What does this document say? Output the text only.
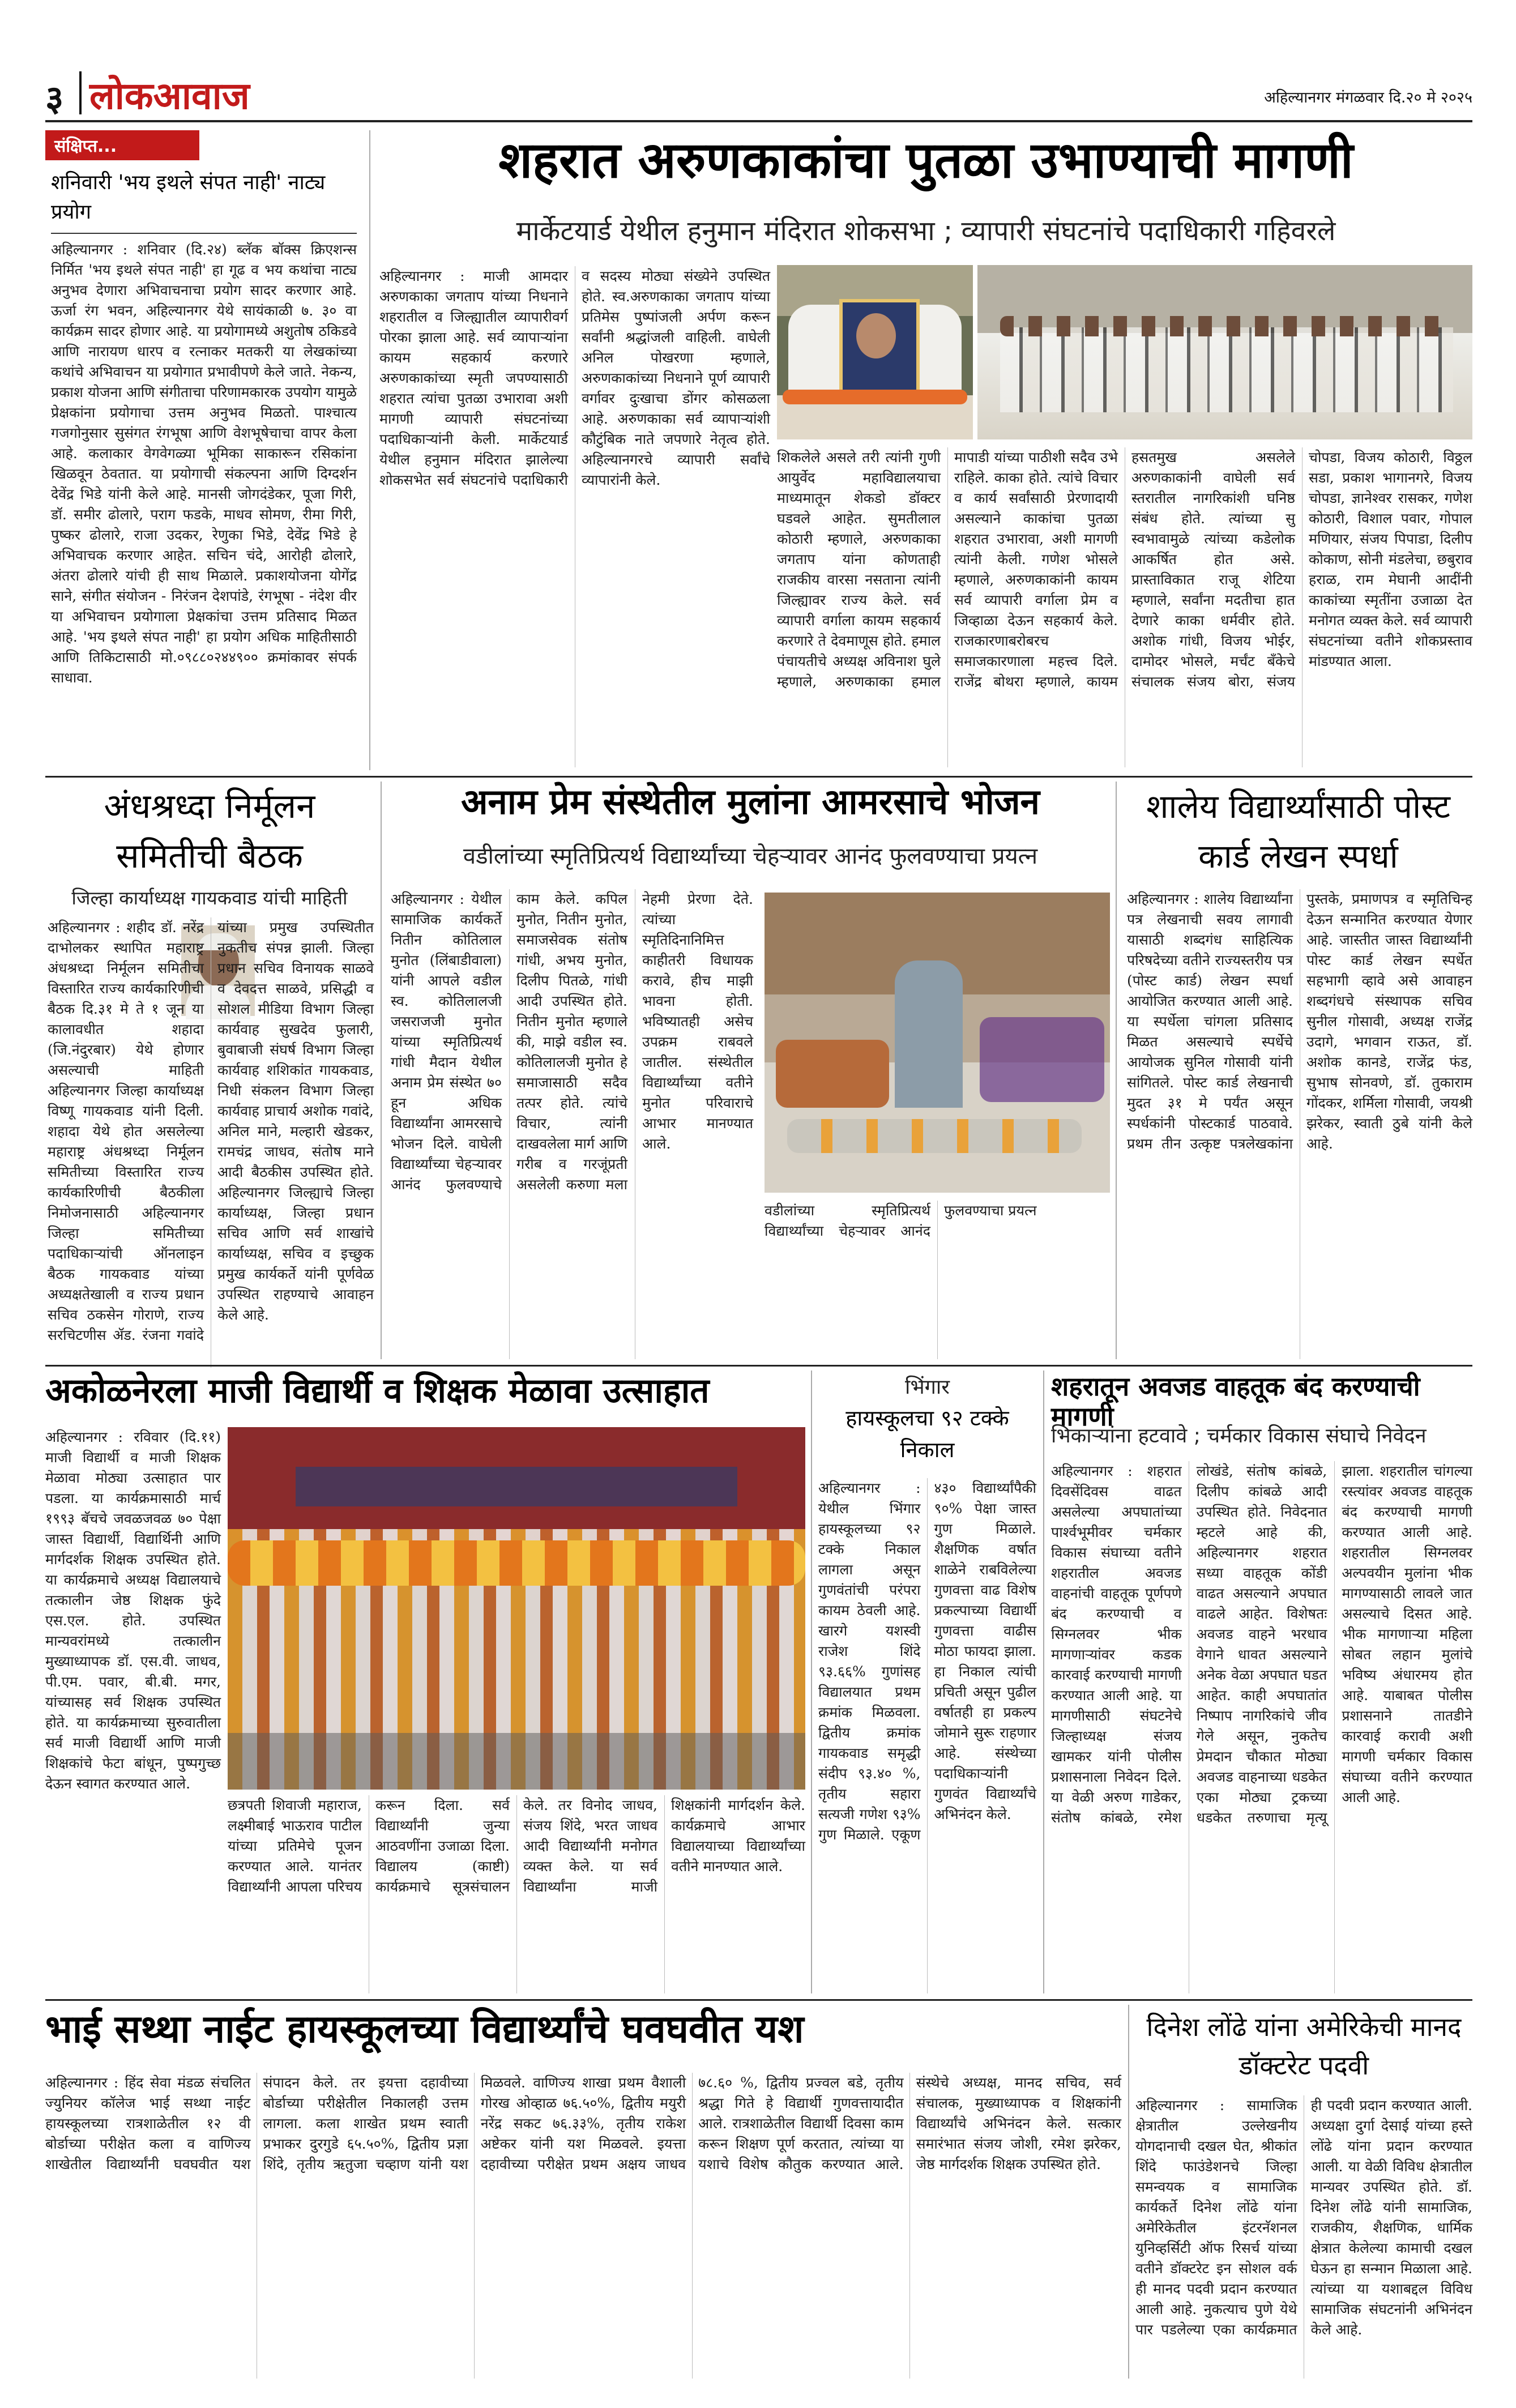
३ लोकआवाज	अहिल्यानगर मंगळवार दि.२० मे २०२५
संक्षिप्त...
शनिवारी 'भय इथले संपत नाही' नाट्य प्रयोग
अहिल्यानगर : शनिवार (दि.२४) ब्लॅक बॉक्स क्रिएशन्स निर्मित 'भय इथले संपत नाही' हा गूढ व भय कथांचा नाट्य अनुभव देणारा अभिवाचनाचा प्रयोग सादर करणार आहे. ऊर्जा रंग भवन, अहिल्यानगर येथे सायंकाळी ७. ३० वा कार्यक्रम सादर होणार आहे. या प्रयोगामध्ये अशुतोष ठकिडवे आणि नारायण धारप व रत्नाकर मतकरी या लेखकांच्या कथांचे अभिवाचन या प्रयोगात प्रभावीपणे केले जाते. नेकन्य, प्रकाश योजना आणि संगीताचा परिणामकारक उपयोग यामुळे प्रेक्षकांना प्रयोगाचा उत्तम अनुभव मिळतो. पाश्चात्य गजगोनुसार सुसंगत रंगभूषा आणि वेशभूषेचाचा वापर केला आहे. कलाकार वेगवेगळ्या भूमिका साकारून रसिकांना खिळवून ठेवतात. या प्रयोगाची संकल्पना आणि दिग्दर्शन देवेंद्र भिडे यांनी केले आहे. मानसी जोगदंडेकर, पूजा गिरी, डॉ. समीर ढोलारे, पराग फडके, माधव सोमण, रीमा गिरी, पुष्कर ढोलारे, राजा उदकर, रेणुका भिडे, देवेंद्र भिडे हे अभिवाचक करणार आहेत. सचिन चंदे, आरोही ढोलारे, अंतरा ढोलारे यांची ही साथ मिळाले. प्रकाशयोजना योगेंद्र साने, संगीत संयोजन - निरंजन देशपांडे, रंगभूषा - नंदेश वीर या अभिवाचन प्रयोगाला प्रेक्षकांचा उत्तम प्रतिसाद मिळत आहे. 'भय इथले संपत नाही' हा प्रयोग अधिक माहितीसाठी आणि तिकिटासाठी मो.०९८८०२४४९०० क्रमांकावर संपर्क साधावा.
शहरात अरुणकाकांचा पुतळा उभाण्याची मागणी
मार्केटयार्ड येथील हनुमान मंदिरात शोकसभा ; व्यापारी संघटनांचे पदाधिकारी गहिवरले
अहिल्यानगर : माजी आमदार अरुणकाका जगताप यांच्या निधनाने शहरातील व जिल्ह्यातील व्यापारीवर्ग पोरका झाला आहे. सर्व व्यापाऱ्यांना कायम सहकार्य करणारे अरुणकाकांच्या स्मृती जपण्यासाठी शहरात त्यांचा पुतळा उभारावा अशी मागणी व्यापारी संघटनांच्या पदाधिकाऱ्यांनी केली. मार्केटयार्ड येथील हनुमान मंदिरात झालेल्या शोकसभेत सर्व संघटनांचे पदाधिकारी व सदस्य मोठ्या संख्येने उपस्थित होते. स्व.अरुणकाका जगताप यांच्या प्रतिमेस पुष्पांजली अर्पण करून सर्वांनी श्रद्धांजली वाहिली. वाघेली अनिल पोखरणा म्हणाले, अरुणकाकांच्या निधनाने पूर्ण व्यापारी वर्गावर दुःखाचा डोंगर कोसळला आहे. अरुणकाका सर्व व्यापाऱ्यांशी कौटुंबिक नाते जपणारे नेतृत्व होते. अहिल्यानगरचे व्यापारी सर्वांचे व्यापारांनी केले.
शिकलेले असले तरी त्यांनी गुणी आयुर्वेद महाविद्यालयाचा माध्यमातून शेकडो डॉक्टर घडवले आहेत. सुमतीलाल कोठारी म्हणाले, अरुणकाका जगताप यांना कोणताही राजकीय वारसा नसताना त्यांनी जिल्ह्यावर राज्य केले. सर्व व्यापारी वर्गाला कायम सहकार्य करणारे ते देवमाणूस होते. हमाल पंचायतीचे अध्यक्ष अविनाश घुले म्हणाले, अरुणकाका हमाल मापाडी यांच्या पाठीशी सदैव उभे राहिले. काका होते. त्यांचे विचार व कार्य सर्वांसाठी प्रेरणादायी असल्याने काकांचा पुतळा शहरात उभारावा, अशी मागणी त्यांनी केली. गणेश भोसले म्हणाले, अरुणकाकांनी कायम सर्व व्यापारी वर्गाला प्रेम व जिव्हाळा देऊन सहकार्य केले. राजकारणाबरोबरच समाजकारणाला महत्त्व दिले. राजेंद्र बोथरा म्हणाले, कायम हसतमुख असलेले अरुणकाकांनी वाघेली सर्व स्तरातील नागरिकांशी घनिष्ठ संबंध होते. त्यांच्या सु स्वभावामुळे त्यांच्या कडेलोक आकर्षित होत असे. प्रास्ताविकात राजू शेटिया म्हणाले, सर्वांना मदतीचा हात देणारे काका धर्मवीर होते. अशोक गांधी, विजय भोईर, दामोदर भोसले, मर्चंट बँकेचे संचालक संजय बोरा, संजय चोपडा, विजय कोठारी, विठ्ठल सडा, प्रकाश भागानगरे, विजय चोपडा, ज्ञानेश्वर रासकर, गणेश कोठारी, विशाल पवार, गोपाल मणियार, संजय पिपाडा, दिलीप कोकाण, सोनी मंडलेचा, छबुराव हराळ, राम मेघानी आदींनी काकांच्या स्मृतींना उजाळा देत मनोगत व्यक्त केले. सर्व व्यापारी संघटनांच्या वतीने शोकप्रस्ताव मांडण्यात आला.
अंधश्रध्दा निर्मूलन समितीची बैठक
जिल्हा कार्याध्यक्ष गायकवाड यांची माहिती
अहिल्यानगर : शहीद डॉ. नरेंद्र दाभोलकर स्थापित महाराष्ट्र अंधश्रध्दा निर्मूलन समितीचा विस्तारित राज्य कार्यकारिणीची बैठक दि.३१ मे ते १ जून या कालावधीत शहादा (जि.नंदुरबार) येथे होणार असल्याची माहिती अहिल्यानगर जिल्हा कार्याध्यक्ष विष्णू गायकवाड यांनी दिली. शहादा येथे होत असलेल्या महाराष्ट्र अंधश्रध्दा निर्मूलन समितीच्या विस्तारित राज्य कार्यकारिणीची बैठकीला निमोजनासाठी अहिल्यानगर जिल्हा समितीच्या पदाधिकाऱ्यांची ऑनलाइन बैठक गायकवाड यांच्या अध्यक्षतेखाली व राज्य प्रधान सचिव ठकसेन गोराणे, राज्य सरचिटणीस ॲड. रंजना गवांदे यांच्या प्रमुख उपस्थितीत नुकतीच संपन्न झाली. जिल्हा प्रधान सचिव विनायक साळवे व देवदत्त साळवे, प्रसिद्धी व सोशल मीडिया विभाग जिल्हा कार्यवाह सुखदेव फुलारी, बुवाबाजी संघर्ष विभाग जिल्हा कार्यवाह शशिकांत गायकवाड, निधी संकलन विभाग जिल्हा कार्यवाह प्राचार्य अशोक गवांदे, अनिल माने, मल्हारी खेडकर, रामचंद्र जाधव, संतोष माने आदी बैठकीस उपस्थित होते. अहिल्यानगर जिल्ह्याचे जिल्हा कार्याध्यक्ष, जिल्हा प्रधान सचिव आणि सर्व शाखांचे कार्याध्यक्ष, सचिव व इच्छुक प्रमुख कार्यकर्ते यांनी पूर्णवेळ उपस्थित राहण्याचे आवाहन केले आहे.
अनाम प्रेम संस्थेतील मुलांना आमरसाचे भोजन
वडीलांच्या स्मृतिप्रित्यर्थ विद्यार्थ्यांच्या चेहऱ्यावर आनंद फुलवण्याचा प्रयत्न
अहिल्यानगर : येथील सामाजिक कार्यकर्ते नितीन कोतिलाल मुनोत (लिंबाडीवाला) यांनी आपले वडील स्व. कोतिलालजी जसराजजी मुनोत यांच्या स्मृतिप्रित्यर्थ गांधी मैदान येथील अनाम प्रेम संस्थेत ७० हून अधिक विद्यार्थ्यांना आमरसाचे भोजन दिले. वाघेली विद्यार्थ्यांच्या चेहऱ्यावर आनंद फुलवण्याचे काम केले. कपिल मुनोत, नितीन मुनोत, समाजसेवक संतोष गांधी, अभय मुनोत, दिलीप पितळे, गांधी आदी उपस्थित होते. नितीन मुनोत म्हणाले की, माझे वडील स्व. कोतिलालजी मुनोत हे समाजासाठी सदैव तत्पर होते. त्यांचे विचार, त्यांनी दाखवलेला मार्ग आणि गरीब व गरजूंप्रती असलेली करुणा मला नेहमी प्रेरणा देते. त्यांच्या स्मृतिदिनानिमित्त काहीतरी विधायक करावे, हीच माझी भावना होती. भविष्यातही असेच उपक्रम राबवले जातील. संस्थेतील विद्यार्थ्यांच्या वतीने मुनोत परिवाराचे आभार मानण्यात आले.
वडीलांच्या स्मृतिप्रित्यर्थ विद्यार्थ्यांच्या चेहऱ्यावर आनंद फुलवण्याचा प्रयत्न
शालेय विद्यार्थ्यांसाठी पोस्ट कार्ड लेखन स्पर्धा
अहिल्यानगर : शालेय विद्यार्थ्यांना पत्र लेखनाची सवय लागावी यासाठी शब्दगंध साहित्यिक परिषदेच्या वतीने राज्यस्तरीय पत्र (पोस्ट कार्ड) लेखन स्पर्धा आयोजित करण्यात आली आहे. या स्पर्धेला चांगला प्रतिसाद मिळत असल्याचे स्पर्धेचे आयोजक सुनिल गोसावी यांनी सांगितले. पोस्ट कार्ड लेखनाची मुदत ३१ मे पर्यंत असून स्पर्धकांनी पोस्टकार्ड पाठवावे. प्रथम तीन उत्कृष्ट पत्रलेखकांना पुस्तके, प्रमाणपत्र व स्मृतिचिन्ह देऊन सन्मानित करण्यात येणार आहे. जास्तीत जास्त विद्यार्थ्यांनी पोस्ट कार्ड लेखन स्पर्धेत सहभागी व्हावे असे आवाहन शब्दगंधचे संस्थापक सचिव सुनील गोसावी, अध्यक्ष राजेंद्र उदागे, भगवान राऊत, डॉ. अशोक कानडे, राजेंद्र फंड, सुभाष सोनवणे, डॉ. तुकाराम गोंदकर, शर्मिला गोसावी, जयश्री झरेकर, स्वाती ठुबे यांनी केले आहे.
अकोळनेरला माजी विद्यार्थी व शिक्षक मेळावा उत्साहात
अहिल्यानगर : रविवार (दि.११) माजी विद्यार्थी व माजी शिक्षक मेळावा मोठ्या उत्साहात पार पडला. या कार्यक्रमासाठी मार्च १९९३ बॅचचे जवळजवळ ७० पेक्षा जास्त विद्यार्थी, विद्यार्थिनी आणि मार्गदर्शक शिक्षक उपस्थित होते. या कार्यक्रमाचे अध्यक्ष विद्यालयाचे तत्कालीन जेष्ठ शिक्षक फुंदे एस.एल. होते. उपस्थित मान्यवरांमध्ये तत्कालीन मुख्याध्यापक डॉ. एस.वी. जाधव, पी.एम. पवार, बी.बी. मगर, यांच्यासह सर्व शिक्षक उपस्थित होते. या कार्यक्रमाच्या सुरुवातीला सर्व माजी विद्यार्थी आणि माजी शिक्षकांचे फेटा बांधून, पुष्पगुच्छ देऊन स्वागत करण्यात आले.
छत्रपती शिवाजी महाराज, लक्ष्मीबाई भाऊराव पाटील यांच्या प्रतिमेचे पूजन करण्यात आले. यानंतर विद्यार्थ्यांनी आपला परिचय करून दिला. सर्व विद्यार्थ्यांनी जुन्या आठवणींना उजाळा दिला. विद्यालय (काष्टी) कार्यक्रमाचे सूत्रसंचालन केले. तर विनोद जाधव, संजय शिंदे, भरत जाधव आदी विद्यार्थ्यांनी मनोगत व्यक्त केले. या सर्व विद्यार्थ्यांना माजी शिक्षकांनी मार्गदर्शन केले. कार्यक्रमाचे आभार विद्यालयाच्या विद्यार्थ्यांच्या वतीने मानण्यात आले.
भिंगार
हायस्कूलचा ९२ टक्के निकाल
अहिल्यानगर : येथील भिंगार हायस्कूलच्या ९२ टक्के निकाल लागला असून गुणवंतांची परंपरा कायम ठेवली आहे. खारगे यशस्वी राजेश शिंदे ९३.६६% गुणांसह विद्यालयात प्रथम क्रमांक मिळवला. द्वितीय क्रमांक गायकवाड समृद्धी संदीप ९३.४० %, तृतीय सहारा सत्यजी गणेश ९३% गुण मिळाले. एकूण ४३० विद्यार्थ्यांपैकी ९०% पेक्षा जास्त गुण मिळाले. शैक्षणिक वर्षात शाळेने राबविलेल्या गुणवत्ता वाढ विशेष प्रकल्पाच्या विद्यार्थी गुणवत्ता वाढीस मोठा फायदा झाला. हा निकाल त्यांची प्रचिती असून पुढील वर्षातही हा प्रकल्प जोमाने सुरू राहणार आहे. संस्थेच्या पदाधिकाऱ्यांनी गुणवंत विद्यार्थ्यांचे अभिनंदन केले.
शहरातून अवजड वाहतूक बंद करण्याची मागणी
भिकाऱ्यांना हटवावे ; चर्मकार विकास संघाचे निवेदन
अहिल्यानगर : शहरात दिवसेंदिवस वाढत असलेल्या अपघातांच्या पार्श्वभूमीवर चर्मकार विकास संघाच्या वतीने शहरातील अवजड वाहनांची वाहतूक पूर्णपणे बंद करण्याची व सिग्नलवर भीक मागणाऱ्यांवर कडक कारवाई करण्याची मागणी करण्यात आली आहे. या मागणीसाठी संघटनेचे जिल्हाध्यक्ष संजय खामकर यांनी पोलीस प्रशासनाला निवेदन दिले. या वेळी अरुण गाडेकर, संतोष कांबळे, रमेश लोखंडे, संतोष कांबळे, दिलीप कांबळे आदी उपस्थित होते. निवेदनात म्हटले आहे की, अहिल्यानगर शहरात सध्या वाहतूक कोंडी वाढत असल्याने अपघात वाढले आहेत. विशेषतः अवजड वाहने भरधाव वेगाने धावत असल्याने अनेक वेळा अपघात घडत आहेत. काही अपघातांत निष्पाप नागरिकांचे जीव गेले असून, नुकतेच प्रेमदान चौकात मोठ्या अवजड वाहनाच्या धडकेत एका मोठ्या ट्रकच्या धडकेत तरुणाचा मृत्यू झाला. शहरातील चांगल्या रस्त्यांवर अवजड वाहतूक बंद करण्याची मागणी करण्यात आली आहे. शहरातील सिग्नलवर अल्पवयीन मुलांना भीक मागण्यासाठी लावले जात असल्याचे दिसत आहे. भीक मागणाऱ्या महिला सोबत लहान मुलांचे भविष्य अंधारमय होत आहे. याबाबत पोलीस प्रशासनाने तातडीने कारवाई करावी अशी मागणी चर्मकार विकास संघाच्या वतीने करण्यात आली आहे.
भाई सथ्था नाईट हायस्कूलच्या विद्यार्थ्यांचे घवघवीत यश
अहिल्यानगर : हिंद सेवा मंडळ संचलित ज्युनियर कॉलेज भाई सथ्था नाईट हायस्कूलच्या रात्रशाळेतील १२ वी बोर्डाच्या परीक्षेत कला व वाणिज्य शाखेतील विद्यार्थ्यांनी घवघवीत यश संपादन केले. तर इयत्ता दहावीच्या बोर्डाच्या परीक्षेतील निकालही उत्तम लागला. कला शाखेत प्रथम स्वाती प्रभाकर दुरगुडे ६५.५०%, द्वितीय प्रज्ञा शिंदे, तृतीय ऋतुजा चव्हाण यांनी यश मिळवले. वाणिज्य शाखा प्रथम वैशाली गोरख ओव्हाळ ७६.५०%, द्वितीय मयुरी नरेंद्र सकट ७६.३३%, तृतीय राकेश अष्टेकर यांनी यश मिळवले. इयत्ता दहावीच्या परीक्षेत प्रथम अक्षय जाधव ७८.६० %, द्वितीय प्रज्वल बडे, तृतीय श्रद्धा गिते हे विद्यार्थी गुणवत्तायादीत आले. रात्रशाळेतील विद्यार्थी दिवसा काम करून शिक्षण पूर्ण करतात, त्यांच्या या यशाचे विशेष कौतुक करण्यात आले. संस्थेचे अध्यक्ष, मानद सचिव, सर्व संचालक, मुख्याध्यापक व शिक्षकांनी विद्यार्थ्यांचे अभिनंदन केले. सत्कार समारंभात संजय जोशी, रमेश झरेकर, जेष्ठ मार्गदर्शक शिक्षक उपस्थित होते.
दिनेश लोंढे यांना अमेरिकेची मानद डॉक्टरेट पदवी
अहिल्यानगर : सामाजिक क्षेत्रातील उल्लेखनीय योगदानाची दखल घेत, श्रीकांत शिंदे फाउंडेशनचे जिल्हा समन्वयक व सामाजिक कार्यकर्ते दिनेश लोंढे यांना अमेरिकेतील इंटरनॅशनल युनिव्हर्सिटी ऑफ रिसर्च यांच्या वतीने डॉक्टरेट इन सोशल वर्क ही मानद पदवी प्रदान करण्यात आली आहे. नुकत्याच पुणे येथे पार पडलेल्या एका कार्यक्रमात ही पदवी प्रदान करण्यात आली. अध्यक्षा दुर्गा देसाई यांच्या हस्ते लोंढे यांना प्रदान करण्यात आली. या वेळी विविध क्षेत्रातील मान्यवर उपस्थित होते. डॉ. दिनेश लोंढे यांनी सामाजिक, राजकीय, शैक्षणिक, धार्मिक क्षेत्रात केलेल्या कामाची दखल घेऊन हा सन्मान मिळाला आहे. त्यांच्या या यशाबद्दल विविध सामाजिक संघटनांनी अभिनंदन केले आहे.
